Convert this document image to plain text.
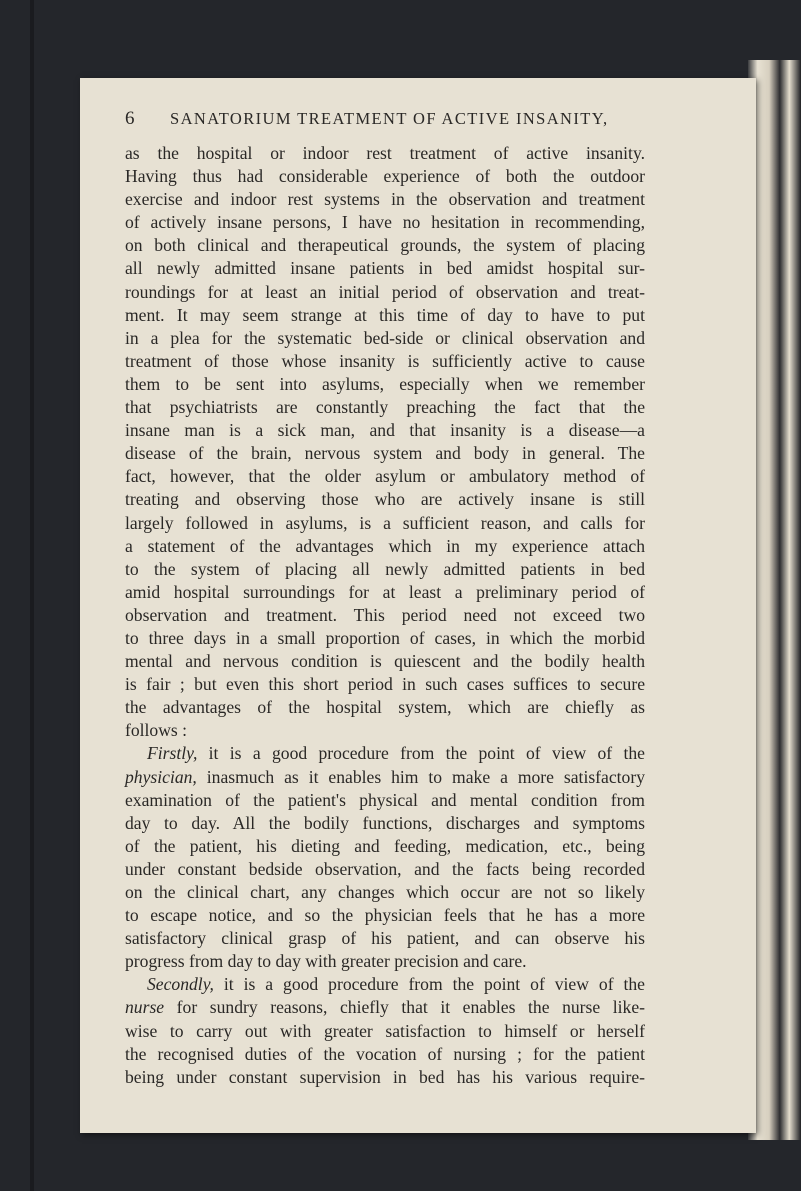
6 SANATORIUM TREATMENT OF ACTIVE INSANITY,
as the hospital or indoor rest treatment of active insanity.
Having thus had considerable experience of both the outdoor
exercise and indoor rest systems in the observation and treatment
of actively insane persons, I have no hesitation in recommending,
on both clinical and therapeutical grounds, the system of placing
all newly admitted insane patients in bed amidst hospital sur-
roundings for at least an initial period of observation and treat-
ment. It may seem strange at this time of day to have to put
in a plea for the systematic bed-side or clinical observation and
treatment of those whose insanity is sufficiently active to cause
them to be sent into asylums, especially when we remember
that psychiatrists are constantly preaching the fact that the
insane man is a sick man, and that insanity is a disease—a
disease of the brain, nervous system and body in general. The
fact, however, that the older asylum or ambulatory method of
treating and observing those who are actively insane is still
largely followed in asylums, is a sufficient reason, and calls for
a statement of the advantages which in my experience attach
to the system of placing all newly admitted patients in bed
amid hospital surroundings for at least a preliminary period of
observation and treatment. This period need not exceed two
to three days in a small proportion of cases, in which the morbid
mental and nervous condition is quiescent and the bodily health
is fair ; but even this short period in such cases suffices to secure
the advantages of the hospital system, which are chiefly as
follows :
Firstly, it is a good procedure from the point of view of the
physician, inasmuch as it enables him to make a more satisfactory
examination of the patient's physical and mental condition from
day to day. All the bodily functions, discharges and symptoms
of the patient, his dieting and feeding, medication, etc., being
under constant bedside observation, and the facts being recorded
on the clinical chart, any changes which occur are not so likely
to escape notice, and so the physician feels that he has a more
satisfactory clinical grasp of his patient, and can observe his
progress from day to day with greater precision and care.
Secondly, it is a good procedure from the point of view of the
nurse for sundry reasons, chiefly that it enables the nurse like-
wise to carry out with greater satisfaction to himself or herself
the recognised duties of the vocation of nursing ; for the patient
being under constant supervision in bed has his various require-
